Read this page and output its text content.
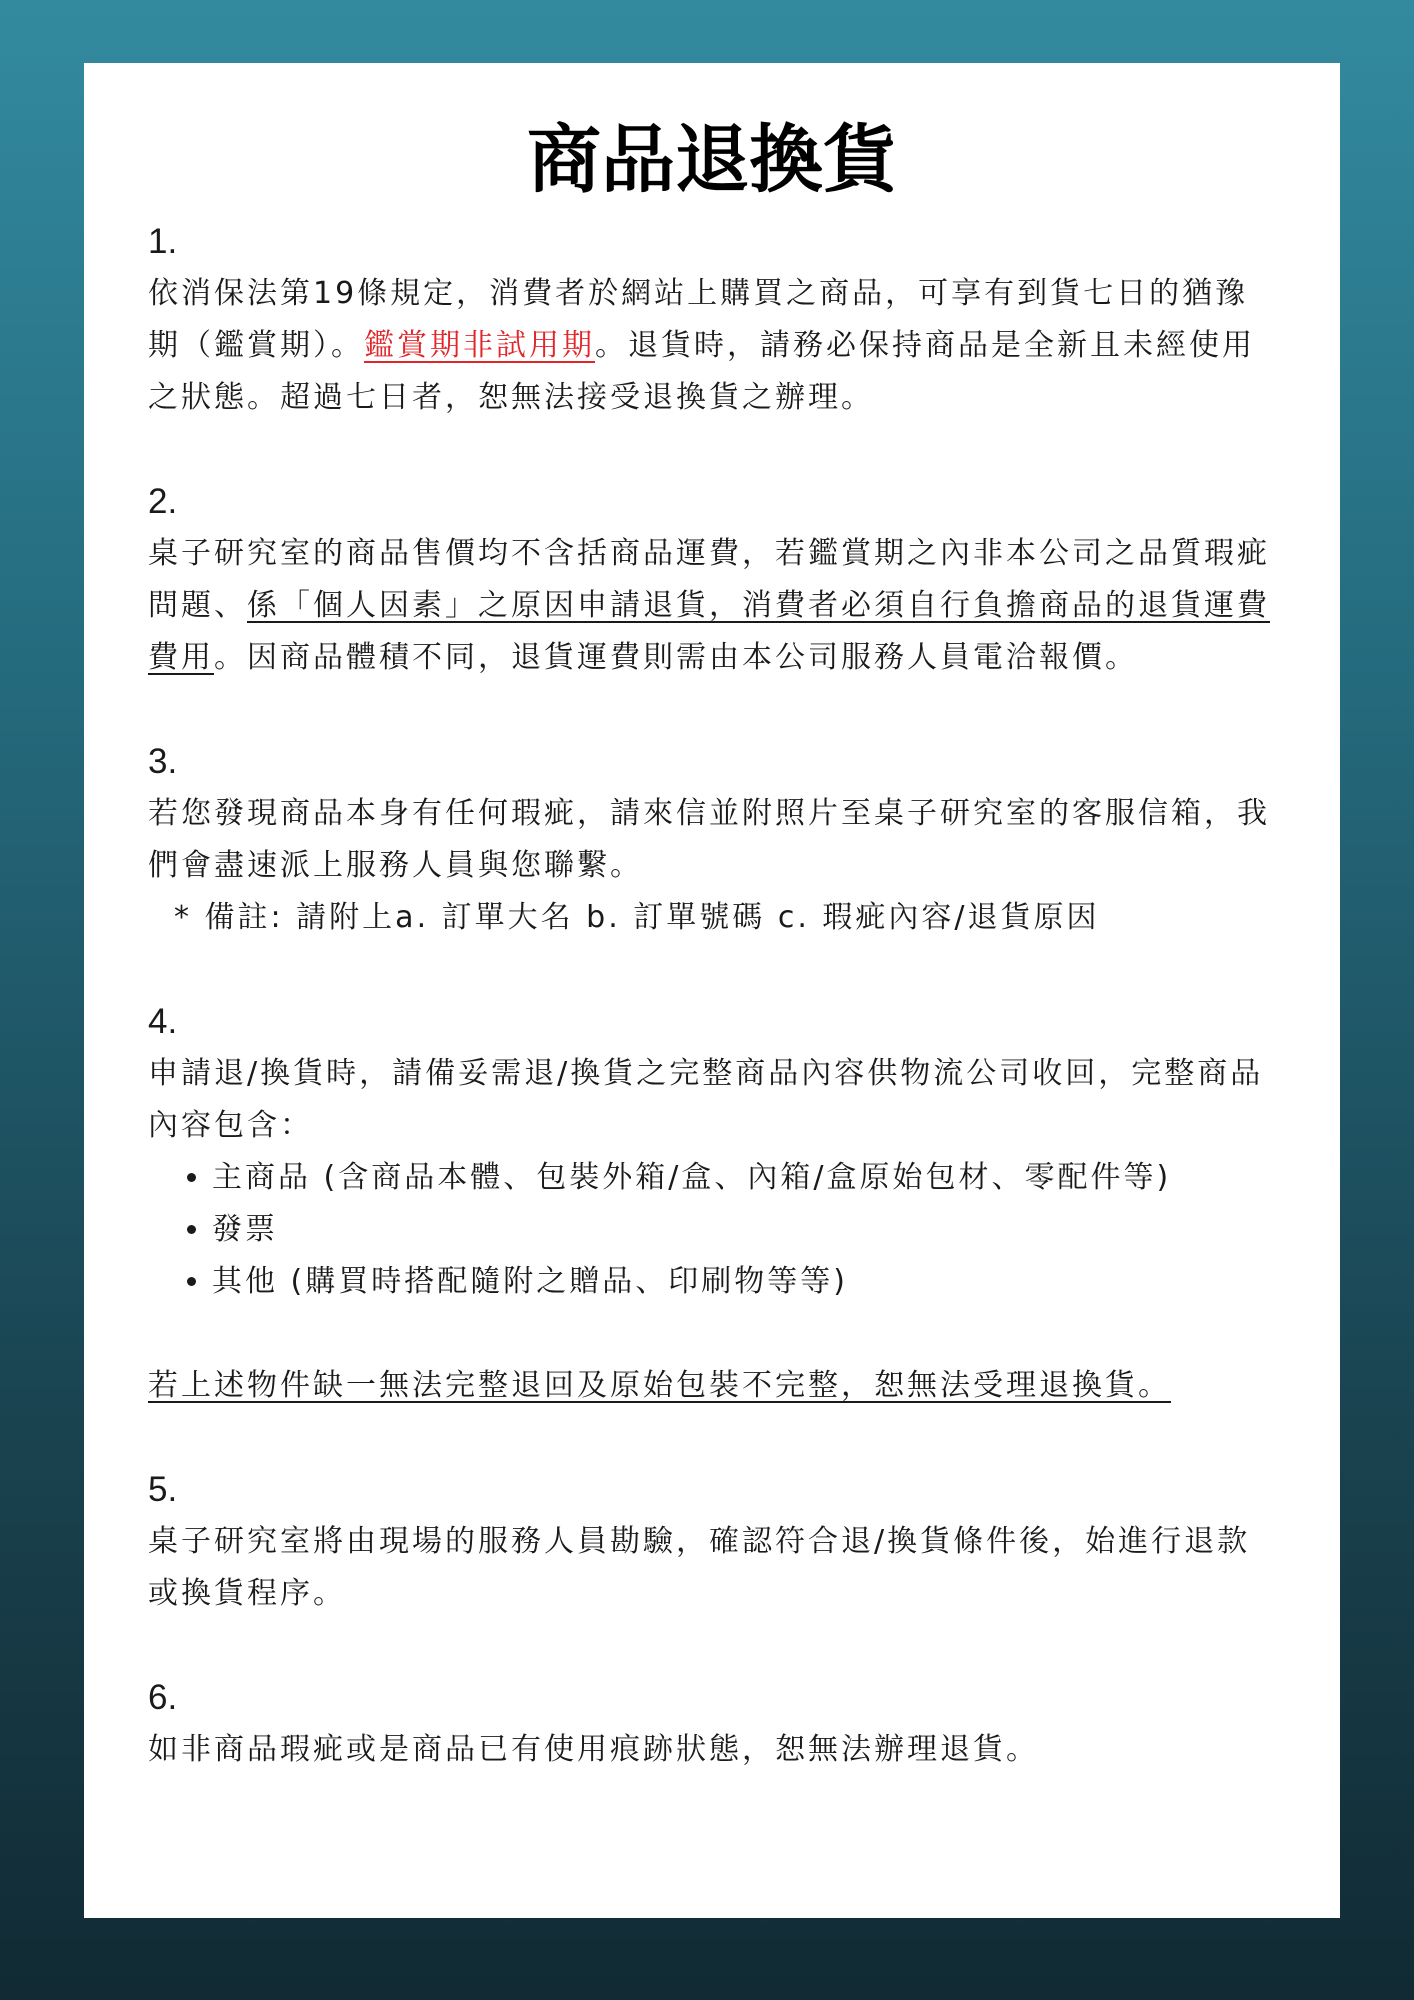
商品退換貨
1.

依消保法第19條規定，消費者於網站上購買之商品，可享有到貨七日的猶豫期（鑑賞期）。鑑賞期非試用期。退貨時，請務必保持商品是全新且未經使用之狀態。超過七日者，恕無法接受退換貨之辦理。

2.

桌子研究室的商品售價均不含括商品運費，若鑑賞期之內非本公司之品質瑕疵問題、係「個人因素」之原因申請退貨，消費者必須自行負擔商品的退貨運費費用。因商品體積不同，退貨運費則需由本公司服務人員電洽報價。

3.

若您發現商品本身有任何瑕疵，請來信並附照片至桌子研究室的客服信箱，我們會盡速派上服務人員與您聯繫。

* 備註: 請附上a. 訂單大名 b. 訂單號碼 c. 瑕疵內容/退貨原因

4.

申請退/換貨時，請備妥需退/換貨之完整商品內容供物流公司收回，完整商品內容包含：

• 主商品 (含商品本體、包裝外箱/盒、內箱/盒原始包材、零配件等)
• 發票
• 其他 (購買時搭配隨附之贈品、印刷物等等)

若上述物件缺一無法完整退回及原始包裝不完整，恕無法受理退換貨。

5.

桌子研究室將由現場的服務人員勘驗，確認符合退/換貨條件後，始進行退款或換貨程序。

6.

如非商品瑕疵或是商品已有使用痕跡狀態，恕無法辦理退貨。
